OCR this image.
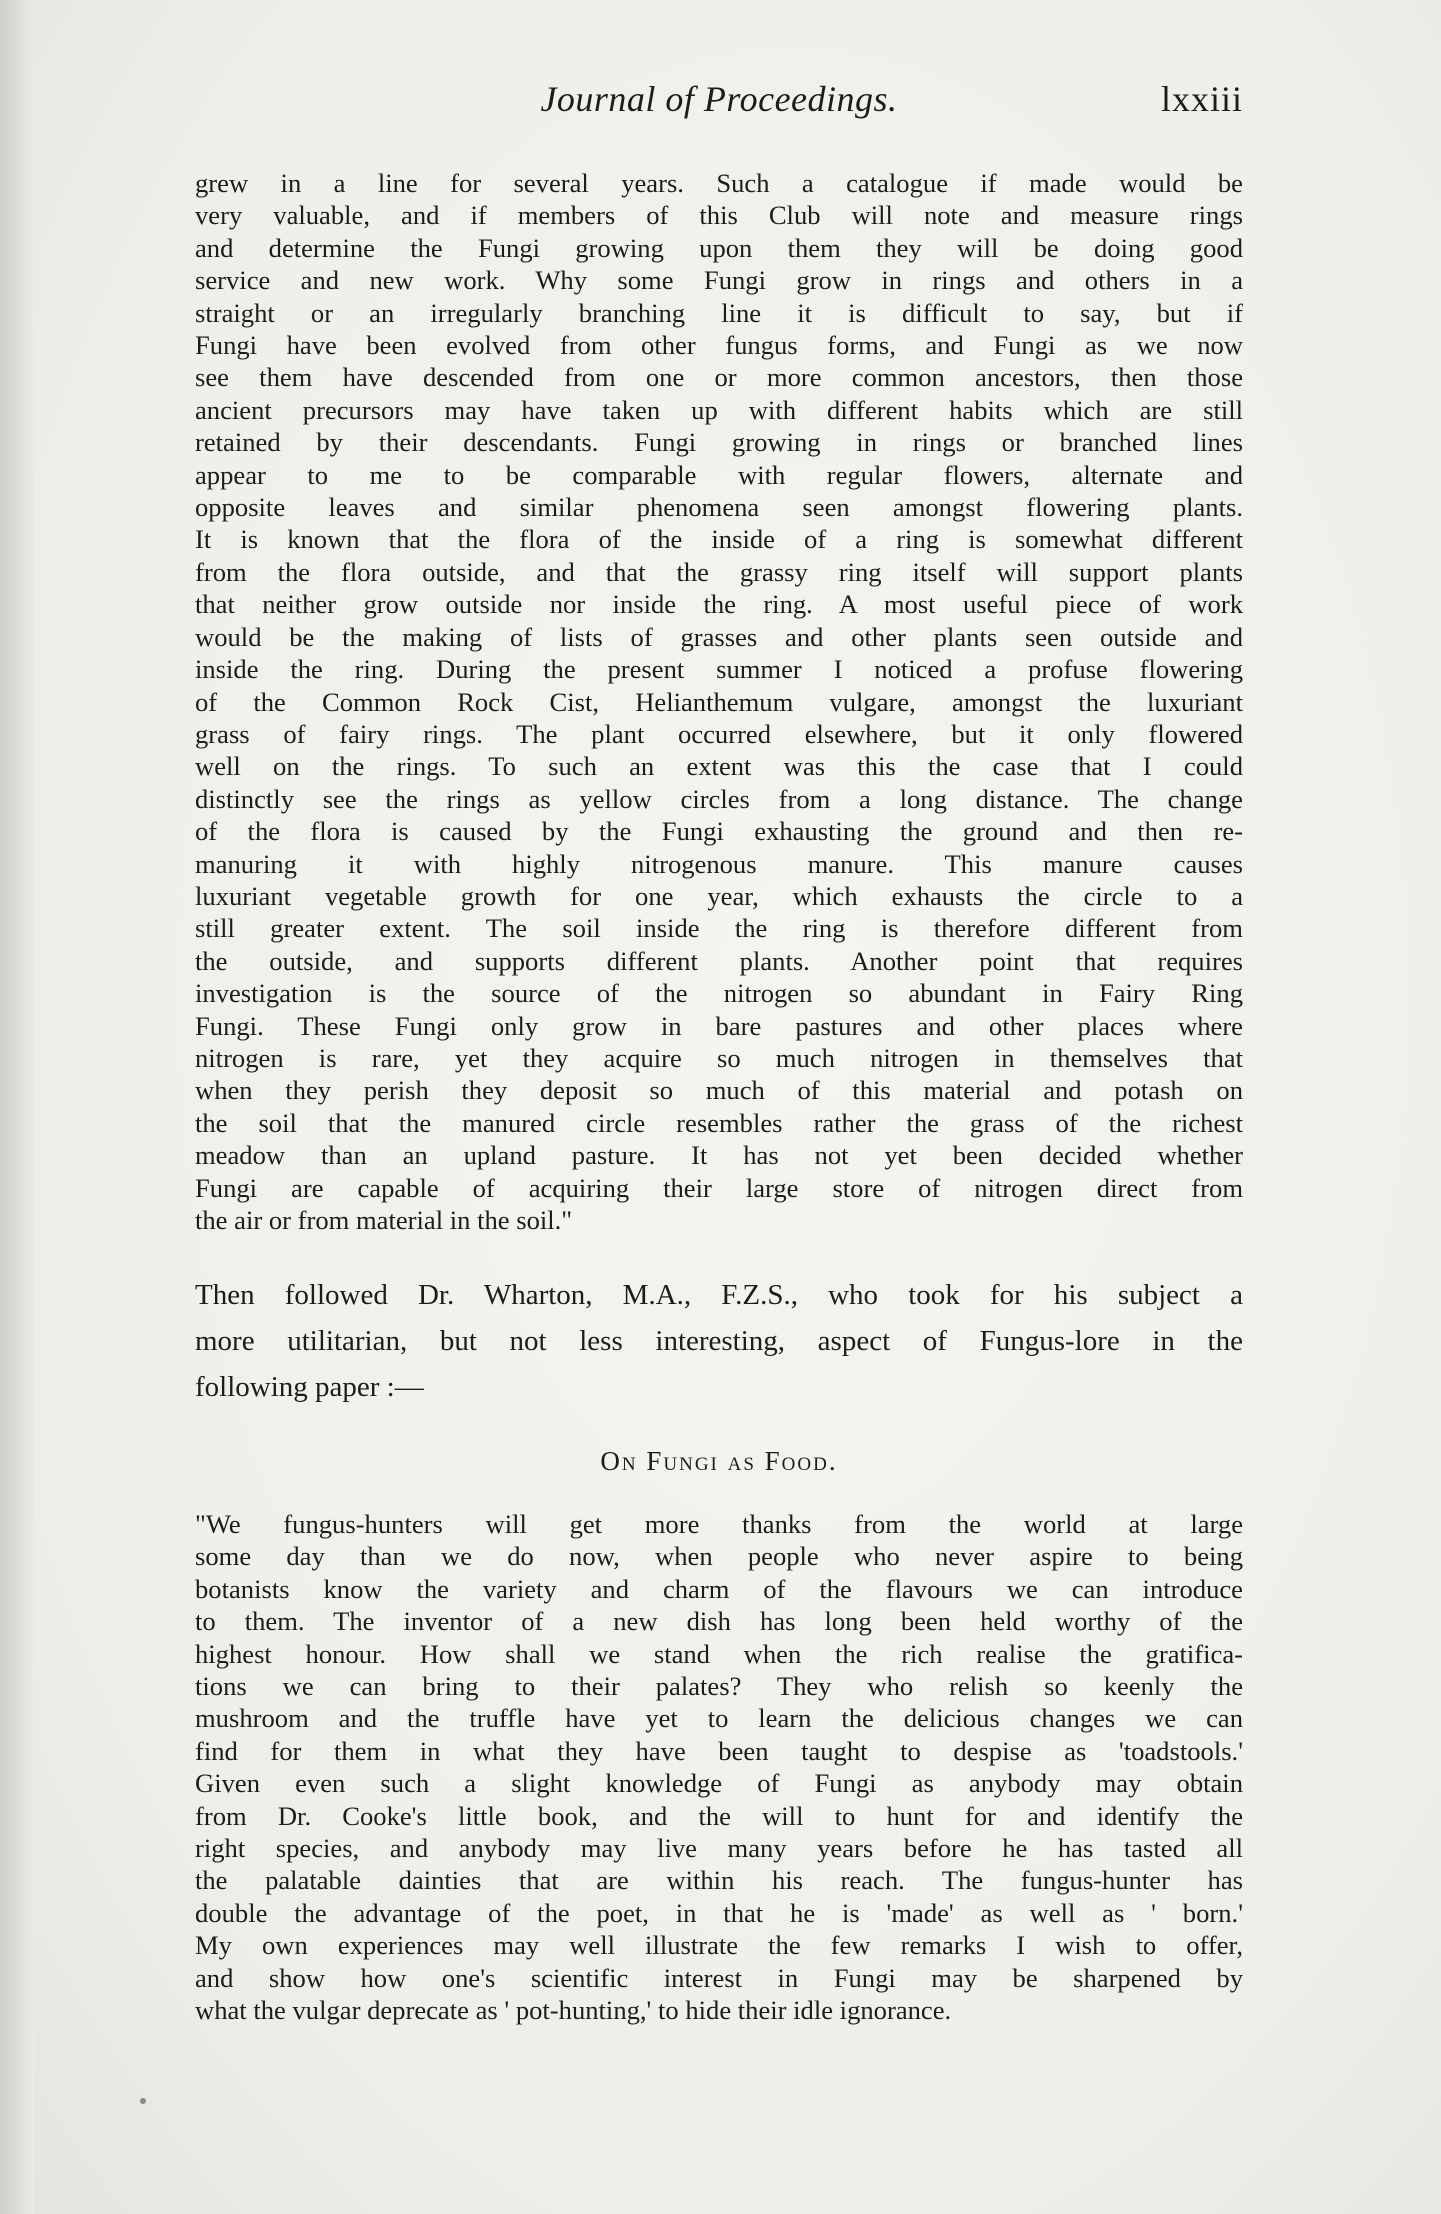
Journal of Proceedings.	lxxiii
grew in a line for several years. Such a catalogue if made would be
very valuable, and if members of this Club will note and measure rings
and determine the Fungi growing upon them they will be doing good
service and new work. Why some Fungi grow in rings and others in a
straight or an irregularly branching line it is difficult to say, but if
Fungi have been evolved from other fungus forms, and Fungi as we now
see them have descended from one or more common ancestors, then those
ancient precursors may have taken up with different habits which are still
retained by their descendants. Fungi growing in rings or branched lines
appear to me to be comparable with regular flowers, alternate and
opposite leaves and similar phenomena seen amongst flowering plants.
It is known that the flora of the inside of a ring is somewhat different
from the flora outside, and that the grassy ring itself will support plants
that neither grow outside nor inside the ring. A most useful piece of work
would be the making of lists of grasses and other plants seen outside and
inside the ring. During the present summer I noticed a profuse flowering
of the Common Rock Cist, Helianthemum vulgare, amongst the luxuriant
grass of fairy rings. The plant occurred elsewhere, but it only flowered
well on the rings. To such an extent was this the case that I could
distinctly see the rings as yellow circles from a long distance. The change
of the flora is caused by the Fungi exhausting the ground and then re-
manuring it with highly nitrogenous manure. This manure causes
luxuriant vegetable growth for one year, which exhausts the circle to a
still greater extent. The soil inside the ring is therefore different from
the outside, and supports different plants. Another point that requires
investigation is the source of the nitrogen so abundant in Fairy Ring
Fungi. These Fungi only grow in bare pastures and other places where
nitrogen is rare, yet they acquire so much nitrogen in themselves that
when they perish they deposit so much of this material and potash on
the soil that the manured circle resembles rather the grass of the richest
meadow than an upland pasture. It has not yet been decided whether
Fungi are capable of acquiring their large store of nitrogen direct from
the air or from material in the soil."
Then followed Dr. Wharton, M.A., F.Z.S., who took for his subject a
more utilitarian, but not less interesting, aspect of Fungus-lore in the
following paper :—
On Fungi as Food.
"We fungus-hunters will get more thanks from the world at large
some day than we do now, when people who never aspire to being
botanists know the variety and charm of the flavours we can introduce
to them. The inventor of a new dish has long been held worthy of the
highest honour. How shall we stand when the rich realise the gratifica-
tions we can bring to their palates? They who relish so keenly the
mushroom and the truffle have yet to learn the delicious changes we can
find for them in what they have been taught to despise as 'toadstools.'
Given even such a slight knowledge of Fungi as anybody may obtain
from Dr. Cooke's little book, and the will to hunt for and identify the
right species, and anybody may live many years before he has tasted all
the palatable dainties that are within his reach. The fungus-hunter has
double the advantage of the poet, in that he is 'made' as well as ' born.'
My own experiences may well illustrate the few remarks I wish to offer,
and show how one's scientific interest in Fungi may be sharpened by
what the vulgar deprecate as ' pot-hunting,' to hide their idle ignorance.
